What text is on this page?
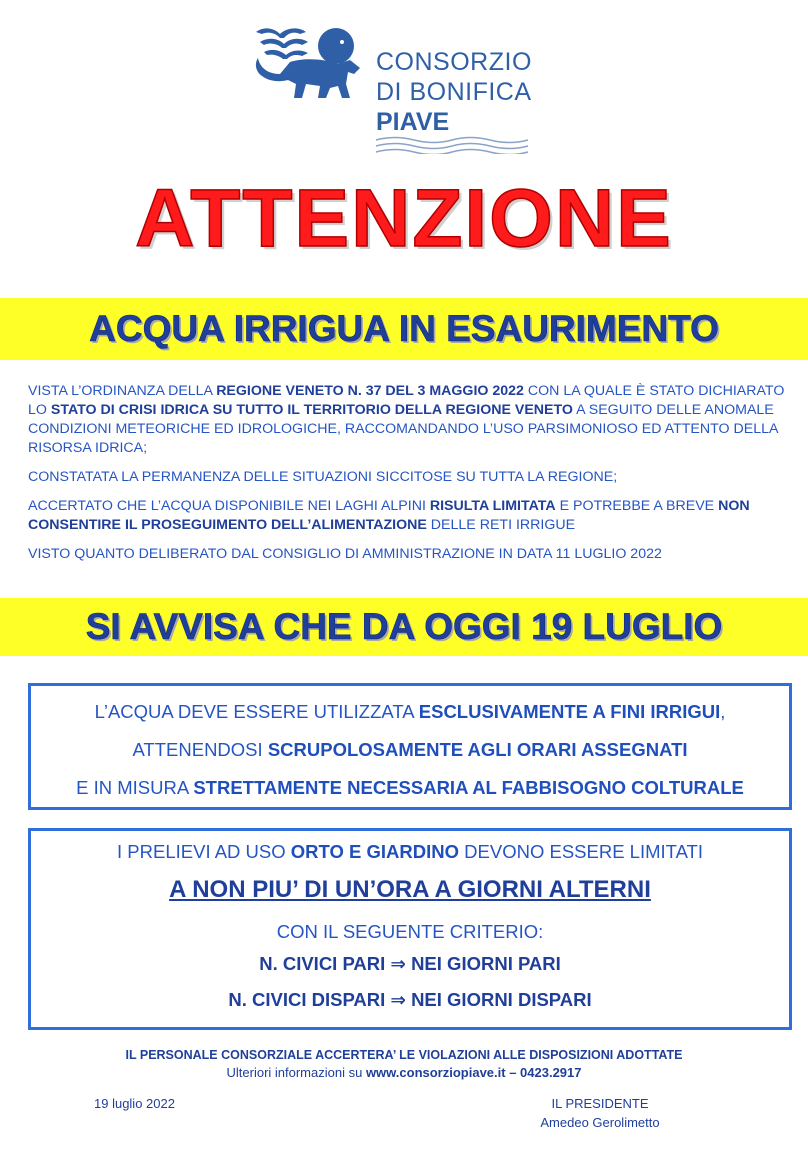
CONSORZIO
DI BONIFICA
PIAVE
ATTENZIONE
ACQUA IRRIGUA IN ESAURIMENTO

VISTA L’ORDINANZA DELLA REGIONE VENETO N. 37 DEL 3 MAGGIO 2022 CON LA QUALE È STATO DICHIARATO LO STATO DI CRISI IDRICA SU TUTTO IL TERRITORIO DELLA REGIONE VENETO A SEGUITO DELLE ANOMALE CONDIZIONI METEORICHE ED IDROLOGICHE, RACCOMANDANDO L’USO PARSIMONIOSO ED ATTENTO DELLA RISORSA IDRICA;

CONSTATATA LA PERMANENZA DELLE SITUAZIONI SICCITOSE SU TUTTA LA REGIONE;

ACCERTATO CHE L’ACQUA DISPONIBILE NEI LAGHI ALPINI RISULTA LIMITATA E POTREBBE A BREVE NON CONSENTIRE IL PROSEGUIMENTO DELL’ALIMENTAZIONE DELLE RETI IRRIGUE

VISTO QUANTO DELIBERATO DAL CONSIGLIO DI AMMINISTRAZIONE IN DATA 11 LUGLIO 2022

SI AVVISA CHE DA OGGI 19 LUGLIO
L’ACQUA DEVE ESSERE UTILIZZATA ESCLUSIVAMENTE A FINI IRRIGUI,
ATTENENDOSI SCRUPOLOSAMENTE AGLI ORARI ASSEGNATI
E IN MISURA STRETTAMENTE NECESSARIA AL FABBISOGNO COLTURALE
I PRELIEVI AD USO ORTO E GIARDINO DEVONO ESSERE LIMITATI
A NON PIU’ DI UN’ORA A GIORNI ALTERNI
CON IL SEGUENTE CRITERIO:
N. CIVICI PARI ⇒ NEI GIORNI PARI
N. CIVICI DISPARI ⇒ NEI GIORNI DISPARI
IL PERSONALE CONSORZIALE ACCERTERA’ LE VIOLAZIONI ALLE DISPOSIZIONI ADOTTATE
Ulteriori informazioni su www.consorziopiave.it – 0423.2917
19 luglio 2022	IL PRESIDENTE
Amedeo Gerolimetto
